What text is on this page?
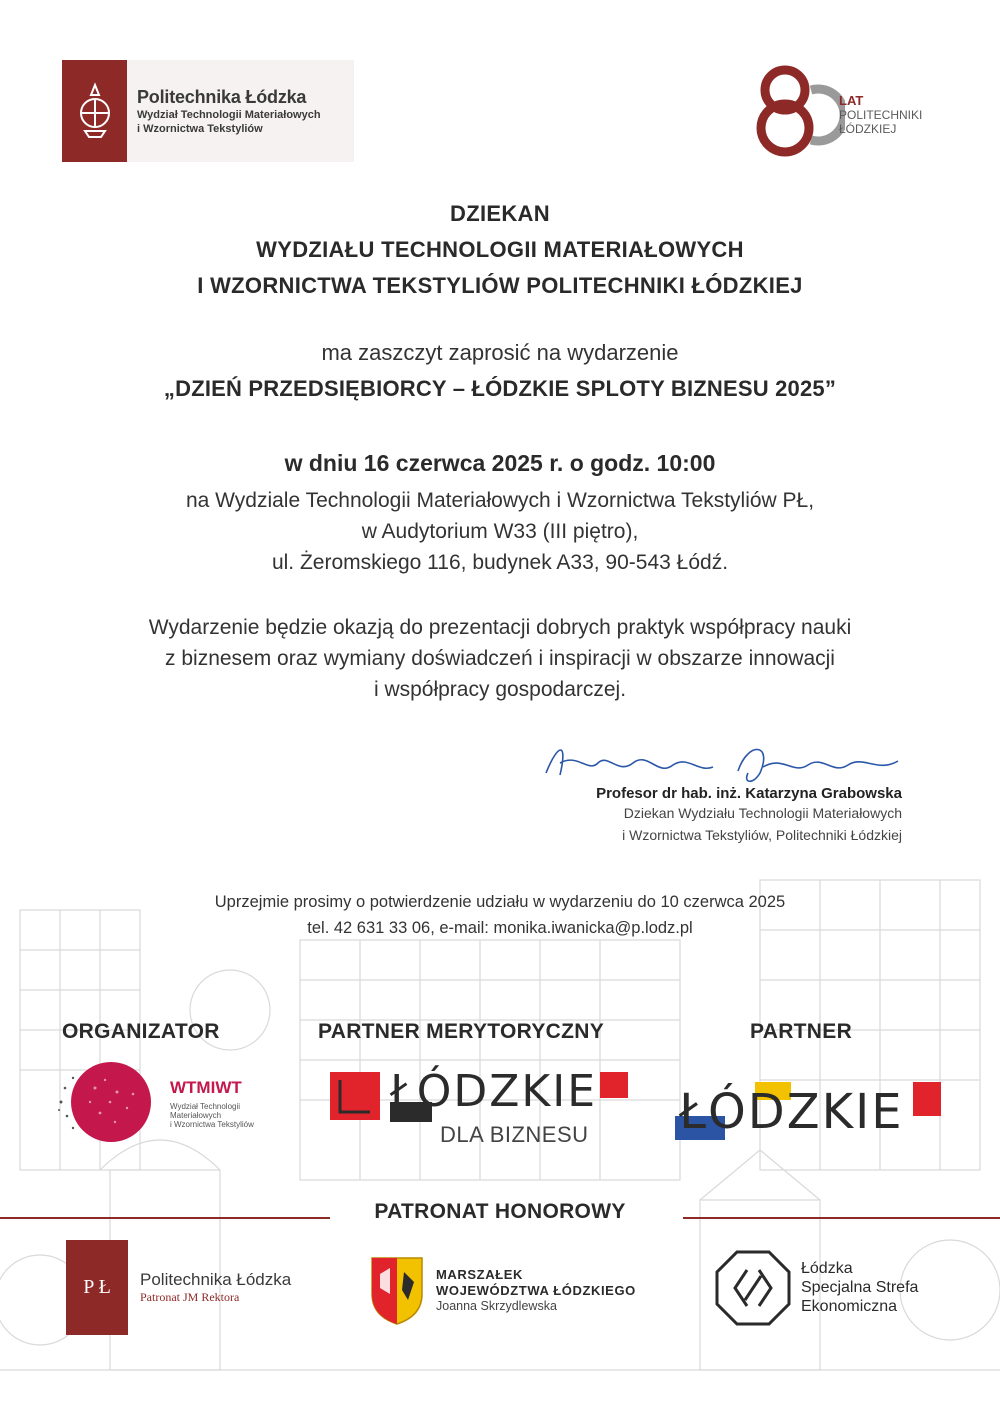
Politechnika Łódzka
Wydział Technologii Materiałowych
i Wzornictwa Tekstyliów
LAT
POLITECHNIKI
ŁÓDZKIEJ
DZIEKAN
WYDZIAŁU TECHNOLOGII MATERIAŁOWYCH
I WZORNICTWA TEKSTYLIÓW POLITECHNIKI ŁÓDZKIEJ
ma zaszczyt zaprosić na wydarzenie
„DZIEŃ PRZEDSIĘBIORCY – ŁÓDZKIE SPLOTY BIZNESU 2025”
w dniu 16 czerwca 2025 r. o godz. 10:00
na Wydziale Technologii Materiałowych i Wzornictwa Tekstyliów PŁ,
w Audytorium W33 (III piętro),
ul. Żeromskiego 116, budynek A33, 90-543 Łódź.
Wydarzenie będzie okazją do prezentacji dobrych praktyk współpracy nauki
z biznesem oraz wymiany doświadczeń i inspiracji w obszarze innowacji
i współpracy gospodarczej.
Profesor dr hab. inż. Katarzyna Grabowska
Dziekan Wydziału Technologii Materiałowych
i Wzornictwa Tekstyliów, Politechniki Łódzkiej
Uprzejmie prosimy o potwierdzenie udziału w wydarzeniu do 10 czerwca 2025
tel. 42 631 33 06, e-mail: monika.iwanicka@p.lodz.pl
ORGANIZATOR	PARTNER MERYTORYCZNY	PARTNER
WTMIWT
Wydział Technologii
Materiałowych
i Wzornictwa Tekstyliów
ŁÓDZKIE
DLA BIZNESU ŁÓDZKIE
PATRONAT HONOROWY
P Ł	Politechnika Łódzka
Patronat JM Rektora
MARSZAŁEK
WOJEWÓDZTWA ŁÓDZKIEGO
Joanna Skrzydlewska
Łódzka
Specjalna Strefa
Ekonomiczna
